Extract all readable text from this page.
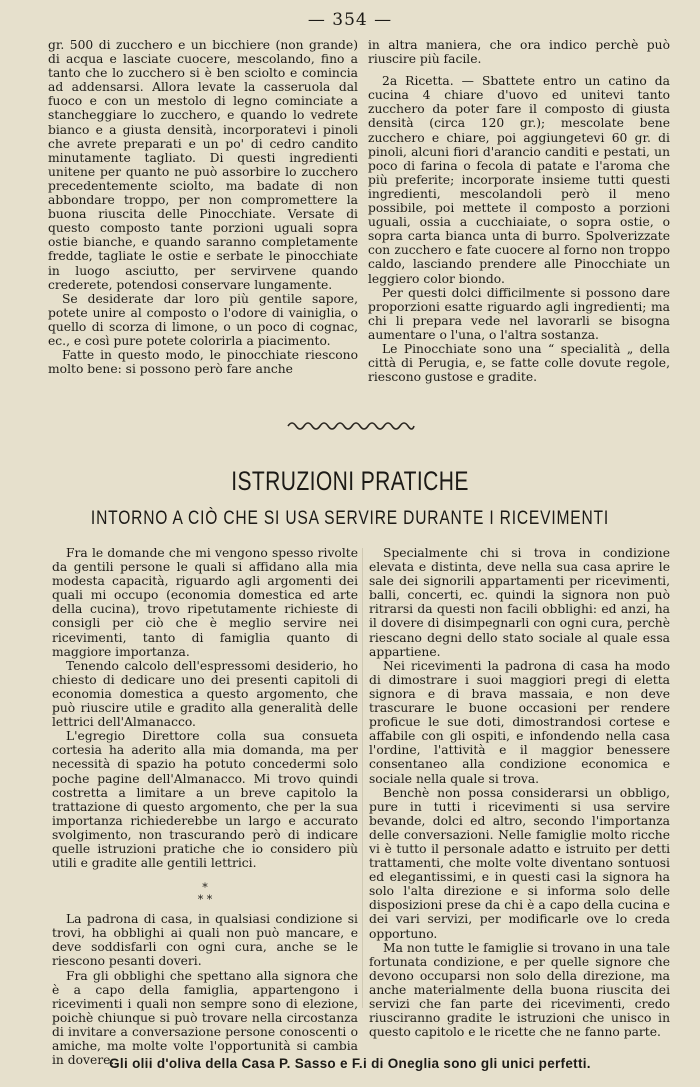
— 354 —

gr. 500 di zucchero e un bicchiere (non grande) di acqua e lasciate cuocere, mescolando, fino a tanto che lo zucchero si è ben sciolto e comincia ad addensarsi. Allora levate la casseruola dal fuoco e con un mestolo di legno cominciate a stancheggiare lo zucchero, e quando lo vedrete bianco e a giusta densità, incorporatevi i pinoli che avrete preparati e un po' di cedro candito minutamente tagliato. Di questi ingredienti unitene per quanto ne può assorbire lo zucchero precedentemente sciolto, ma badate di non abbondare troppo, per non compromettere la buona riuscita delle Pinocchiate. Versate di questo composto tante porzioni uguali sopra ostie bianche, e quando saranno completamente fredde, tagliate le ostie e serbate le pinocchiate in luogo asciutto, per servirvene quando crederete, potendosi conservare lungamente.

Se desiderate dar loro più gentile sapore, potete unire al composto o l'odore di vainiglia, o quello di scorza di limone, o un poco di cognac, ec., e così pure potete colorirla a piacimento.

Fatte in questo modo, le pinocchiate riescono molto bene: si possono però fare anche

in altra maniera, che ora indico perchè può riuscire più facile.

2a Ricetta. — Sbattete entro un catino da cucina 4 chiare d'uovo ed unitevi tanto zucchero da poter fare il composto di giusta densità (circa 120 gr.); mescolate bene zucchero e chiare, poi aggiungetevi 60 gr. di pinoli, alcuni fiori d'arancio canditi e pestati, un poco di farina o fecola di patate e l'aroma che più preferite; incorporate insieme tutti questi ingredienti, mescolandoli però il meno possibile, poi mettete il composto a porzioni uguali, ossia a cucchiaiate, o sopra ostie, o sopra carta bianca unta di burro. Spolverizzate con zucchero e fate cuocere al forno non troppo caldo, lasciando prendere alle Pinocchiate un leggiero color biondo.

Per questi dolci difficilmente si possono dare proporzioni esatte riguardo agli ingredienti; ma chi li prepara vede nel lavorarli se bisogna aumentare o l'una, o l'altra sostanza.

Le Pinocchiate sono una “ specialità „ della città di Perugia, e, se fatte colle dovute regole, riescono gustose e gradite.

ISTRUZIONI PRATICHE
INTORNO A CIÒ CHE SI USA SERVIRE DURANTE I RICEVIMENTI

Fra le domande che mi vengono spesso rivolte da gentili persone le quali si affidano alla mia modesta capacità, riguardo agli argomenti dei quali mi occupo (economia domestica ed arte della cucina), trovo ripetutamente richieste di consigli per ciò che è meglio servire nei ricevimenti, tanto di famiglia quanto di maggiore importanza.

Tenendo calcolo dell'espressomi desiderio, ho chiesto di dedicare uno dei presenti capitoli di economia domestica a questo argomento, che può riuscire utile e gradito alla generalità delle lettrici dell'Almanacco.

L'egregio Direttore colla sua consueta cortesia ha aderito alla mia domanda, ma per necessità di spazio ha potuto concedermi solo poche pagine dell'Almanacco. Mi trovo quindi costretta a limitare a un breve capitolo la trattazione di questo argomento, che per la sua importanza richiederebbe un largo e accurato svolgimento, non trascurando però di indicare quelle istruzioni pratiche che io considero più utili e gradite alle gentili lettrici.

*
* *

La padrona di casa, in qualsiasi condizione si trovi, ha obblighi ai quali non può mancare, e deve soddisfarli con ogni cura, anche se le riescono pesanti doveri.

Fra gli obblighi che spettano alla signora che è a capo della famiglia, appartengono i ricevimenti i quali non sempre sono di elezione, poichè chiunque si può trovare nella circostanza di invitare a conversazione persone conoscenti o amiche, ma molte volte l'opportunità si cambia in dovere.

Specialmente chi si trova in condizione elevata e distinta, deve nella sua casa aprire le sale dei signorili appartamenti per ricevimenti, balli, concerti, ec. quindi la signora non può ritrarsi da questi non facili obblighi: ed anzi, ha il dovere di disimpegnarli con ogni cura, perchè riescano degni dello stato sociale al quale essa appartiene.

Nei ricevimenti la padrona di casa ha modo di dimostrare i suoi maggiori pregi di eletta signora e di brava massaia, e non deve trascurare le buone occasioni per rendere proficue le sue doti, dimostrandosi cortese e affabile con gli ospiti, e infondendo nella casa l'ordine, l'attività e il maggior benessere consentaneo alla condizione economica e sociale nella quale si trova.

Benchè non possa considerarsi un obbligo, pure in tutti i ricevimenti si usa servire bevande, dolci ed altro, secondo l'importanza delle conversazioni. Nelle famiglie molto ricche vi è tutto il personale adatto e istruito per detti trattamenti, che molte volte diventano sontuosi ed elegantissimi, e in questi casi la signora ha solo l'alta direzione e si informa solo delle disposizioni prese da chi è a capo della cucina e dei vari servizi, per modificarle ove lo creda opportuno.

Ma non tutte le famiglie si trovano in una tale fortunata condizione, e per quelle signore che devono occuparsi non solo della direzione, ma anche materialmente della buona riuscita dei servizi che fan parte dei ricevimenti, credo riusciranno gradite le istruzioni che unisco in questo capitolo e le ricette che ne fanno parte.

Gli olii d'oliva della Casa P. Sasso e F.i di Oneglia sono gli unici perfetti.
